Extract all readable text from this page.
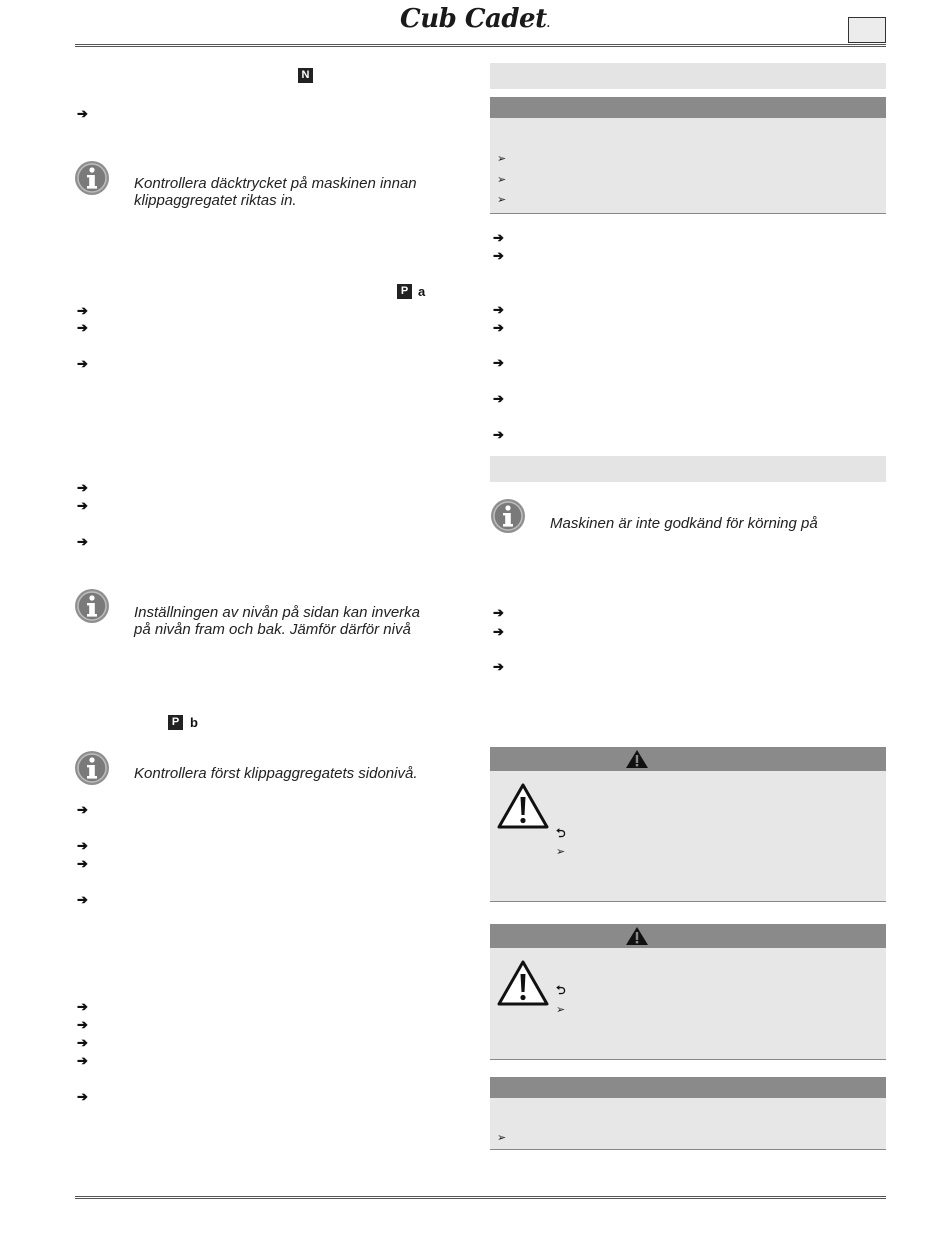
Cub Cadet.
N
➔
Kontrollera däcktrycket på maskinen innan
klippaggregatet riktas in.
P a
➔
➔
➔
➔
➔
➔
Inställningen av nivån på sidan kan inverka
på nivån fram och bak. Jämför därför nivå
P b
Kontrollera först klippaggregatets sidonivå.
➔
➔
➔
➔
➔
➔
➔
➔
➔
➢
➢
➢
➔
➔
➔
➔
➔
➔
➔
Maskinen är inte godkänd för körning på
➔
➔
➔
⮌
➢
⮌
➢
➢
